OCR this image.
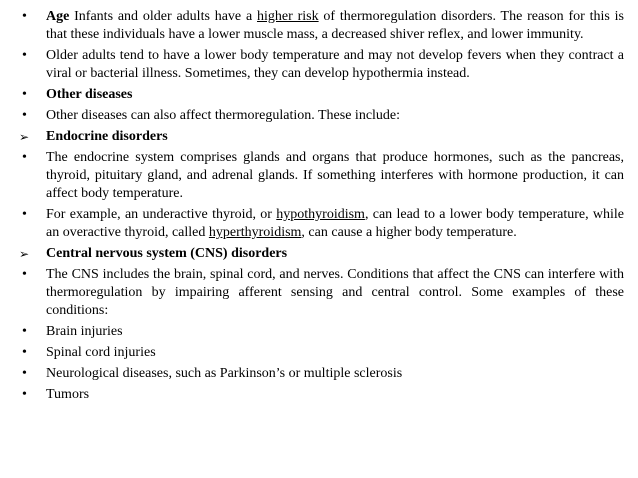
•	Age Infants and older adults have a higher risk of thermoregulation disorders. The reason for this is that these individuals have a lower muscle mass, a decreased shiver reflex, and lower immunity.
•	Older adults tend to have a lower body temperature and may not develop fevers when they contract a viral or bacterial illness. Sometimes, they can develop hypothermia instead.
•	Other diseases
•	Other diseases can also affect thermoregulation. These include:
➢	Endocrine disorders
•	The endocrine system comprises glands and organs that produce hormones, such as the pancreas, thyroid, pituitary gland, and adrenal glands. If something interferes with hormone production, it can affect body temperature.
•	For example, an underactive thyroid, or hypothyroidism, can lead to a lower body temperature, while an overactive thyroid, called hyperthyroidism, can cause a higher body temperature.
➢	Central nervous system (CNS) disorders
•	The CNS includes the brain, spinal cord, and nerves. Conditions that affect the CNS can interfere with thermoregulation by impairing afferent sensing and central control. Some examples of these conditions:
•	Brain injuries
•	Spinal cord injuries
•	Neurological diseases, such as Parkinson’s or multiple sclerosis
•	Tumors
